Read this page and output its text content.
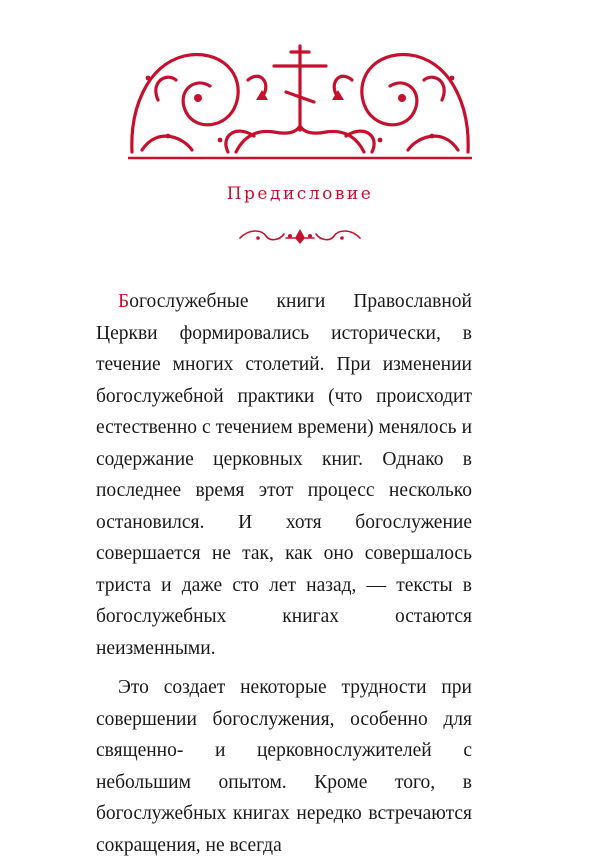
Предисловие

Богослужебные книги Православной Церкви формировались исторически, в течение многих столетий. При изменении богослужебной практики (что происходит естественно с течением времени) менялось и содержание церковных книг. Однако в последнее время этот процесс несколько остановился. И хотя богослужение совершается не так, как оно совершалось триста и даже сто лет назад, — тексты в богослужебных книгах остаются неизменными.

Это создает некоторые трудности при совершении богослужения, особенно для священно- и церковнослужителей с небольшим опытом. Кроме того, в богослужебных книгах нередко встречаются сокращения, не всегда
